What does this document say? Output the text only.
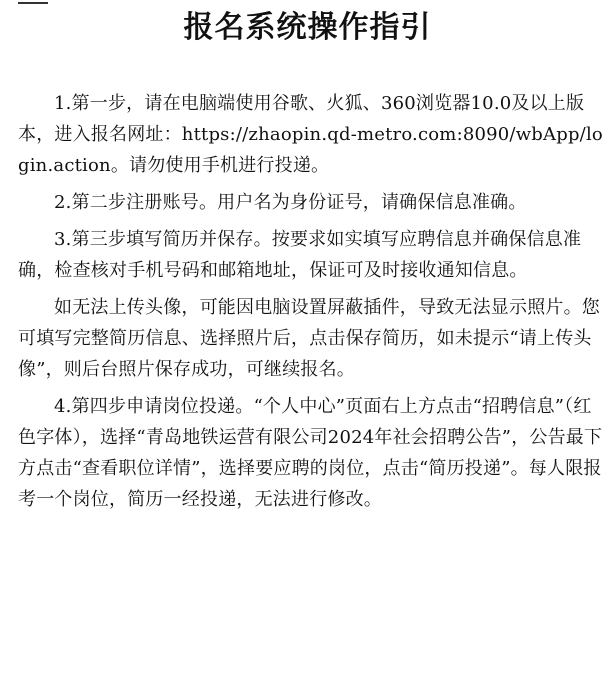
报名系统操作指引

1.第一步，请在电脑端使用谷歌、火狐、360浏览器10.0及以上版本，进入报名网址：https://zhaopin.qd-metro.com:8090/wbApp/login.action。请勿使用手机进行投递。

2.第二步注册账号。用户名为身份证号，请确保信息准确。

3.第三步填写简历并保存。按要求如实填写应聘信息并确保信息准确，检查核对手机号码和邮箱地址，保证可及时接收通知信息。

如无法上传头像，可能因电脑设置屏蔽插件，导致无法显示照片。您可填写完整简历信息、选择照片后，点击保存简历，如未提示“请上传头像”，则后台照片保存成功，可继续报名。

4.第四步申请岗位投递。“个人中心”页面右上方点击“招聘信息”（红色字体），选择“青岛地铁运营有限公司2024年社会招聘公告”，公告最下方点击“查看职位详情”，选择要应聘的岗位，点击“简历投递”。每人限报考一个岗位，简历一经投递，无法进行修改。
